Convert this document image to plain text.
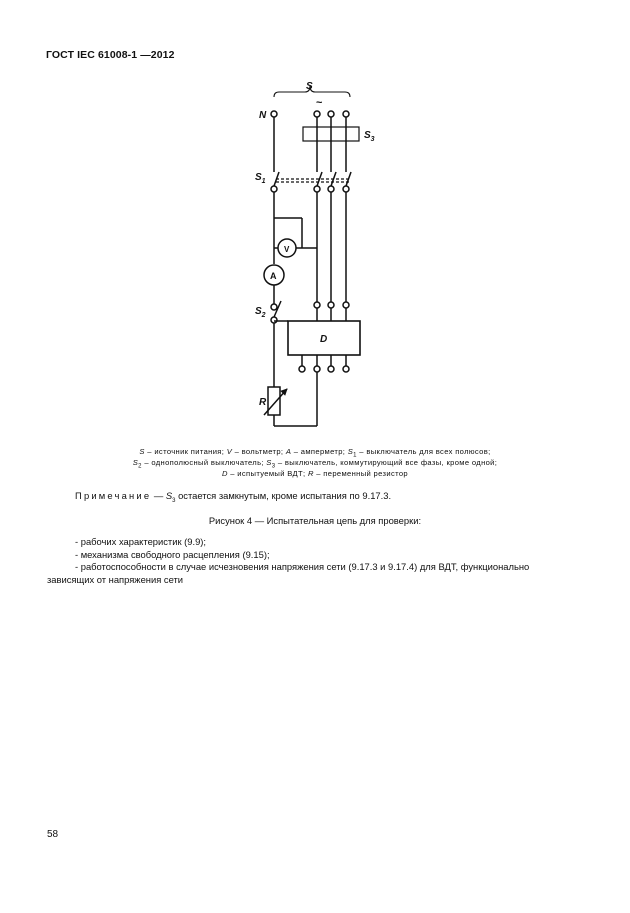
ГОСТ IEC 61008-1 —2012
S
~
N
$S_1$
$S_2$
$S_3$
V
A
D
R
S – источник питания; V – вольтметр; A – амперметр; $S_1$ – выключатель для всех полюсов;
$S_2$ – однополюсный выключатель; $S_3$ – выключатель, коммутирующий все фазы, кроме одной;
D – испытуемый ВДТ; R – переменный резистор
Примечание — $S_3$ остается замкнутым, кроме испытания по 9.17.3.
Рисунок 4 — Испытательная цепь для проверки:
- рабочих характеристик (9.9);
- механизма свободного расцепления (9.15);
- работоспособности в случае исчезновения напряжения сети (9.17.3 и 9.17.4) для ВДТ, функционально
зависящих от напряжения сети
58
